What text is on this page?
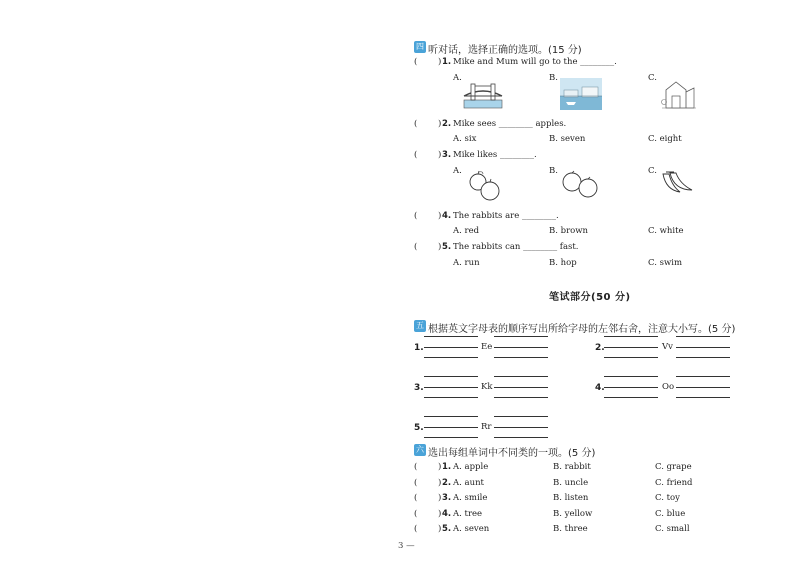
四 听对话，选择正确的选项。(15 分)
( ) 1. Mike and Mum will go to the ________.
A.	B.	C.
( ) 2. Mike sees ________ apples.
A. six	B. seven	C. eight
( ) 3. Mike likes ________.
A.	B.	C.
( ) 4. The rabbits are ________.
A. red	B. brown	C. white
( ) 5. The rabbits can ________ fast.
A. run	B. hop	C. swim
笔试部分(50 分)
五 根据英文字母表的顺序写出所给字母的左邻右舍，注意大小写。(5 分)
1.	Ee	2.	Vv
3.	Kk	4.	Oo
5.	Rr
六 选出每组单词中不同类的一项。(5 分)
( ) 1. A. apple	B. rabbit	C. grape
( ) 2. A. aunt	B. uncle	C. friend
( ) 3. A. smile	B. listen	C. toy
( ) 4. A. tree	B. yellow	C. blue
( ) 5. A. seven	B. three	C. small
3 —
